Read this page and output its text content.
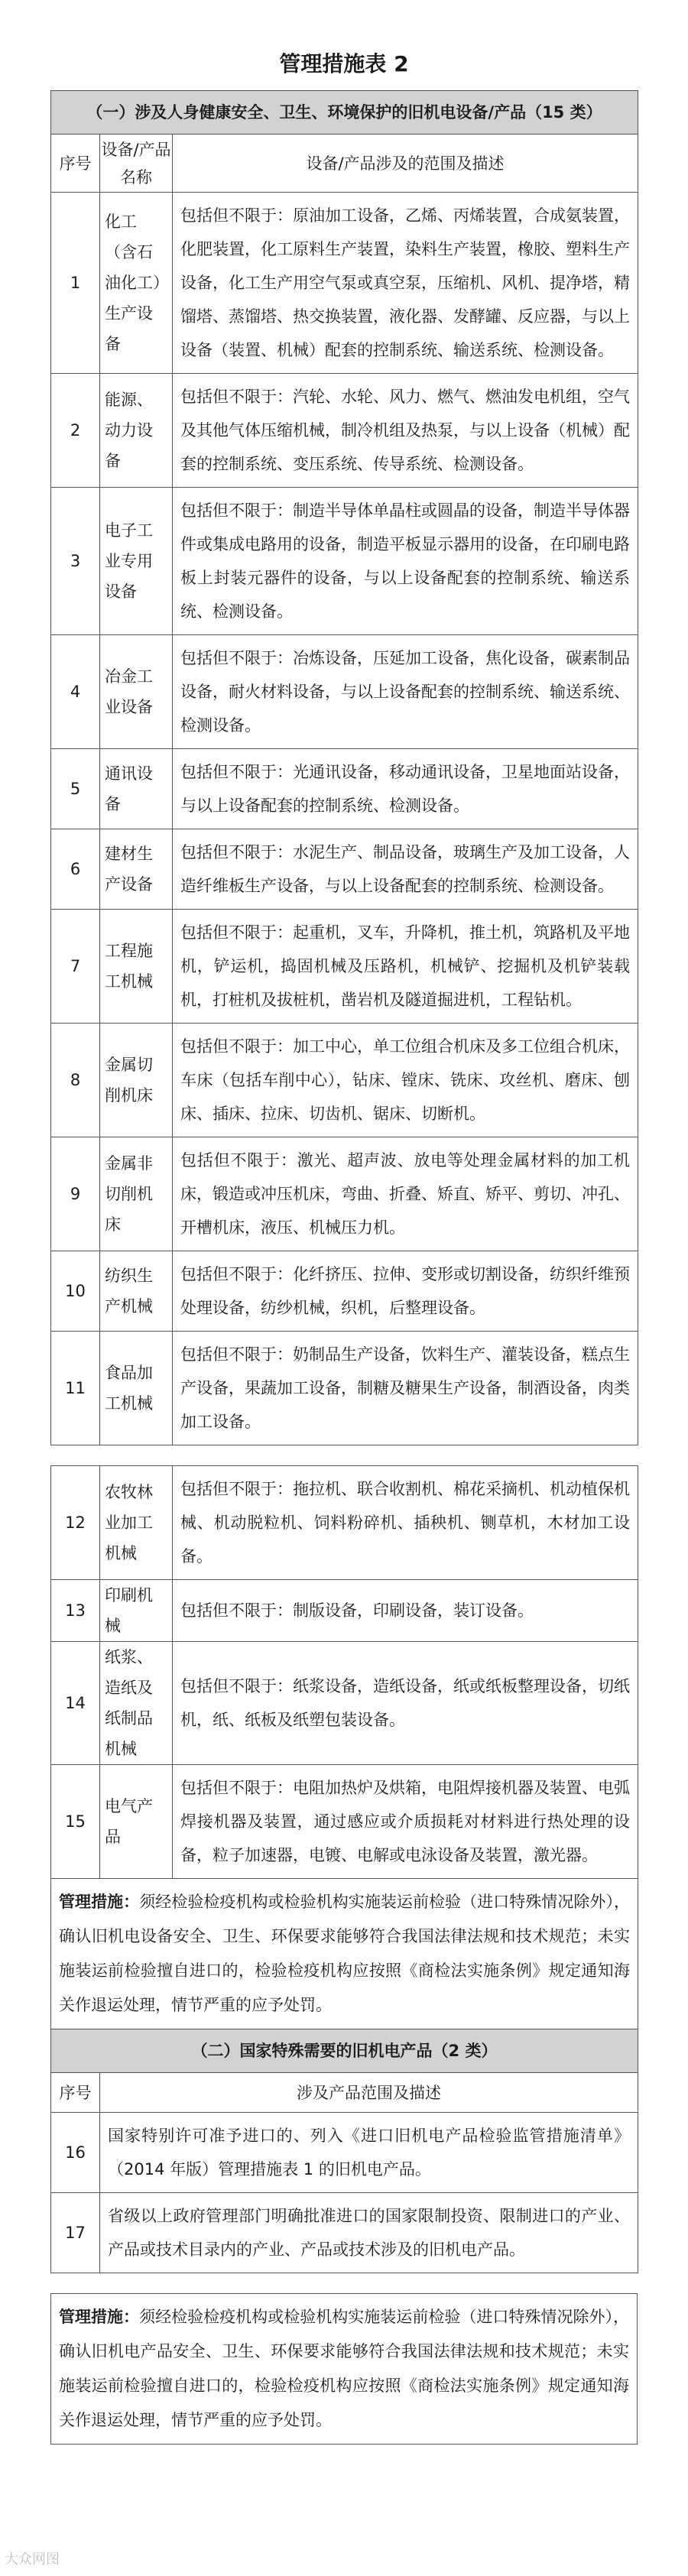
管理措施表 2
（一）涉及人身健康安全、卫生、环境保护的旧机电设备/产品（15 类）		
序号	设备/产品名称	设备/产品涉及的范围及描述
1	化工（含石油化工）生产设备	包括但不限于：原油加工设备，乙烯、丙烯装置，合成氨装置，化肥装置，化工原料生产装置，染料生产装置，橡胶、塑料生产设备，化工生产用空气泵或真空泵，压缩机、风机、提净塔，精馏塔、蒸馏塔、热交换装置，液化器、发酵罐、反应器，与以上设备（装置、机械）配套的控制系统、输送系统、检测设备。
2	能源、动力设备	包括但不限于：汽轮、水轮、风力、燃气、燃油发电机组，空气及其他气体压缩机械，制冷机组及热泵，与以上设备（机械）配套的控制系统、变压系统、传导系统、检测设备。
3	电子工业专用设备	包括但不限于：制造半导体单晶柱或圆晶的设备，制造半导体器件或集成电路用的设备，制造平板显示器用的设备，在印刷电路板上封装元器件的设备，与以上设备配套的控制系统、输送系统、检测设备。
4	冶金工业设备	包括但不限于：冶炼设备，压延加工设备，焦化设备，碳素制品设备，耐火材料设备，与以上设备配套的控制系统、输送系统、检测设备。
5	通讯设备	包括但不限于：光通讯设备，移动通讯设备，卫星地面站设备，与以上设备配套的控制系统、检测设备。
6	建材生产设备	包括但不限于：水泥生产、制品设备，玻璃生产及加工设备，人造纤维板生产设备，与以上设备配套的控制系统、检测设备。
7	工程施工机械	包括但不限于：起重机，叉车，升降机，推土机，筑路机及平地机，铲运机，捣固机械及压路机，机械铲、挖掘机及机铲装载机，打桩机及拔桩机，凿岩机及隧道掘进机，工程钻机。
8	金属切削机床	包括但不限于：加工中心，单工位组合机床及多工位组合机床，车床（包括车削中心），钻床、镗床、铣床、攻丝机、磨床、刨床、插床、拉床、切齿机、锯床、切断机。
9	金属非切削机床	包括但不限于：激光、超声波、放电等处理金属材料的加工机床，锻造或冲压机床，弯曲、折叠、矫直、矫平、剪切、冲孔、开槽机床，液压、机械压力机。
10	纺织生产机械	包括但不限于：化纤挤压、拉伸、变形或切割设备，纺织纤维预处理设备，纺纱机械，织机，后整理设备。
11	食品加工机械	包括但不限于：奶制品生产设备，饮料生产、灌装设备，糕点生产设备，果蔬加工设备，制糖及糖果生产设备，制酒设备，肉类加工设备。
12	农牧林业加工机械	包括但不限于：拖拉机、联合收割机、棉花采摘机、机动植保机械、机动脱粒机、饲料粉碎机、插秧机、铡草机，木材加工设备。
13	印刷机械	包括但不限于：制版设备，印刷设备，装订设备。
14	纸浆、造纸及纸制品机械	包括但不限于：纸浆设备，造纸设备，纸或纸板整理设备，切纸机，纸、纸板及纸塑包装设备。
15	电气产品	包括但不限于：电阻加热炉及烘箱，电阻焊接机器及装置、电弧焊接机器及装置，通过感应或介质损耗对材料进行热处理的设备，粒子加速器，电镀、电解或电泳设备及装置，激光器。
管理措施：须经检验检疫机构或检验机构实施装运前检验（进口特殊情况除外），确认旧机电设备安全、卫生、环保要求能够符合我国法律法规和技术规范；未实施装运前检验擅自进口的，检验检疫机构应按照《商检法实施条例》规定通知海关作退运处理，情节严重的应予处罚。		
（二）国家特殊需要的旧机电产品（2 类）		
序号	涉及产品范围及描述	
16	国家特别许可准予进口的、列入《进口旧机电产品检验监管措施清单》（2014 年版）管理措施表 1 的旧机电产品。	
17	省级以上政府管理部门明确批准进口的国家限制投资、限制进口的产业、产品或技术目录内的产业、产品或技术涉及的旧机电产品。	
管理措施：须经检验检疫机构或检验机构实施装运前检验（进口特殊情况除外），确认旧机电产品安全、卫生、环保要求能够符合我国法律法规和技术规范；未实施装运前检验擅自进口的，检验检疫机构应按照《商检法实施条例》规定通知海关作退运处理，情节严重的应予处罚。
大众网图
